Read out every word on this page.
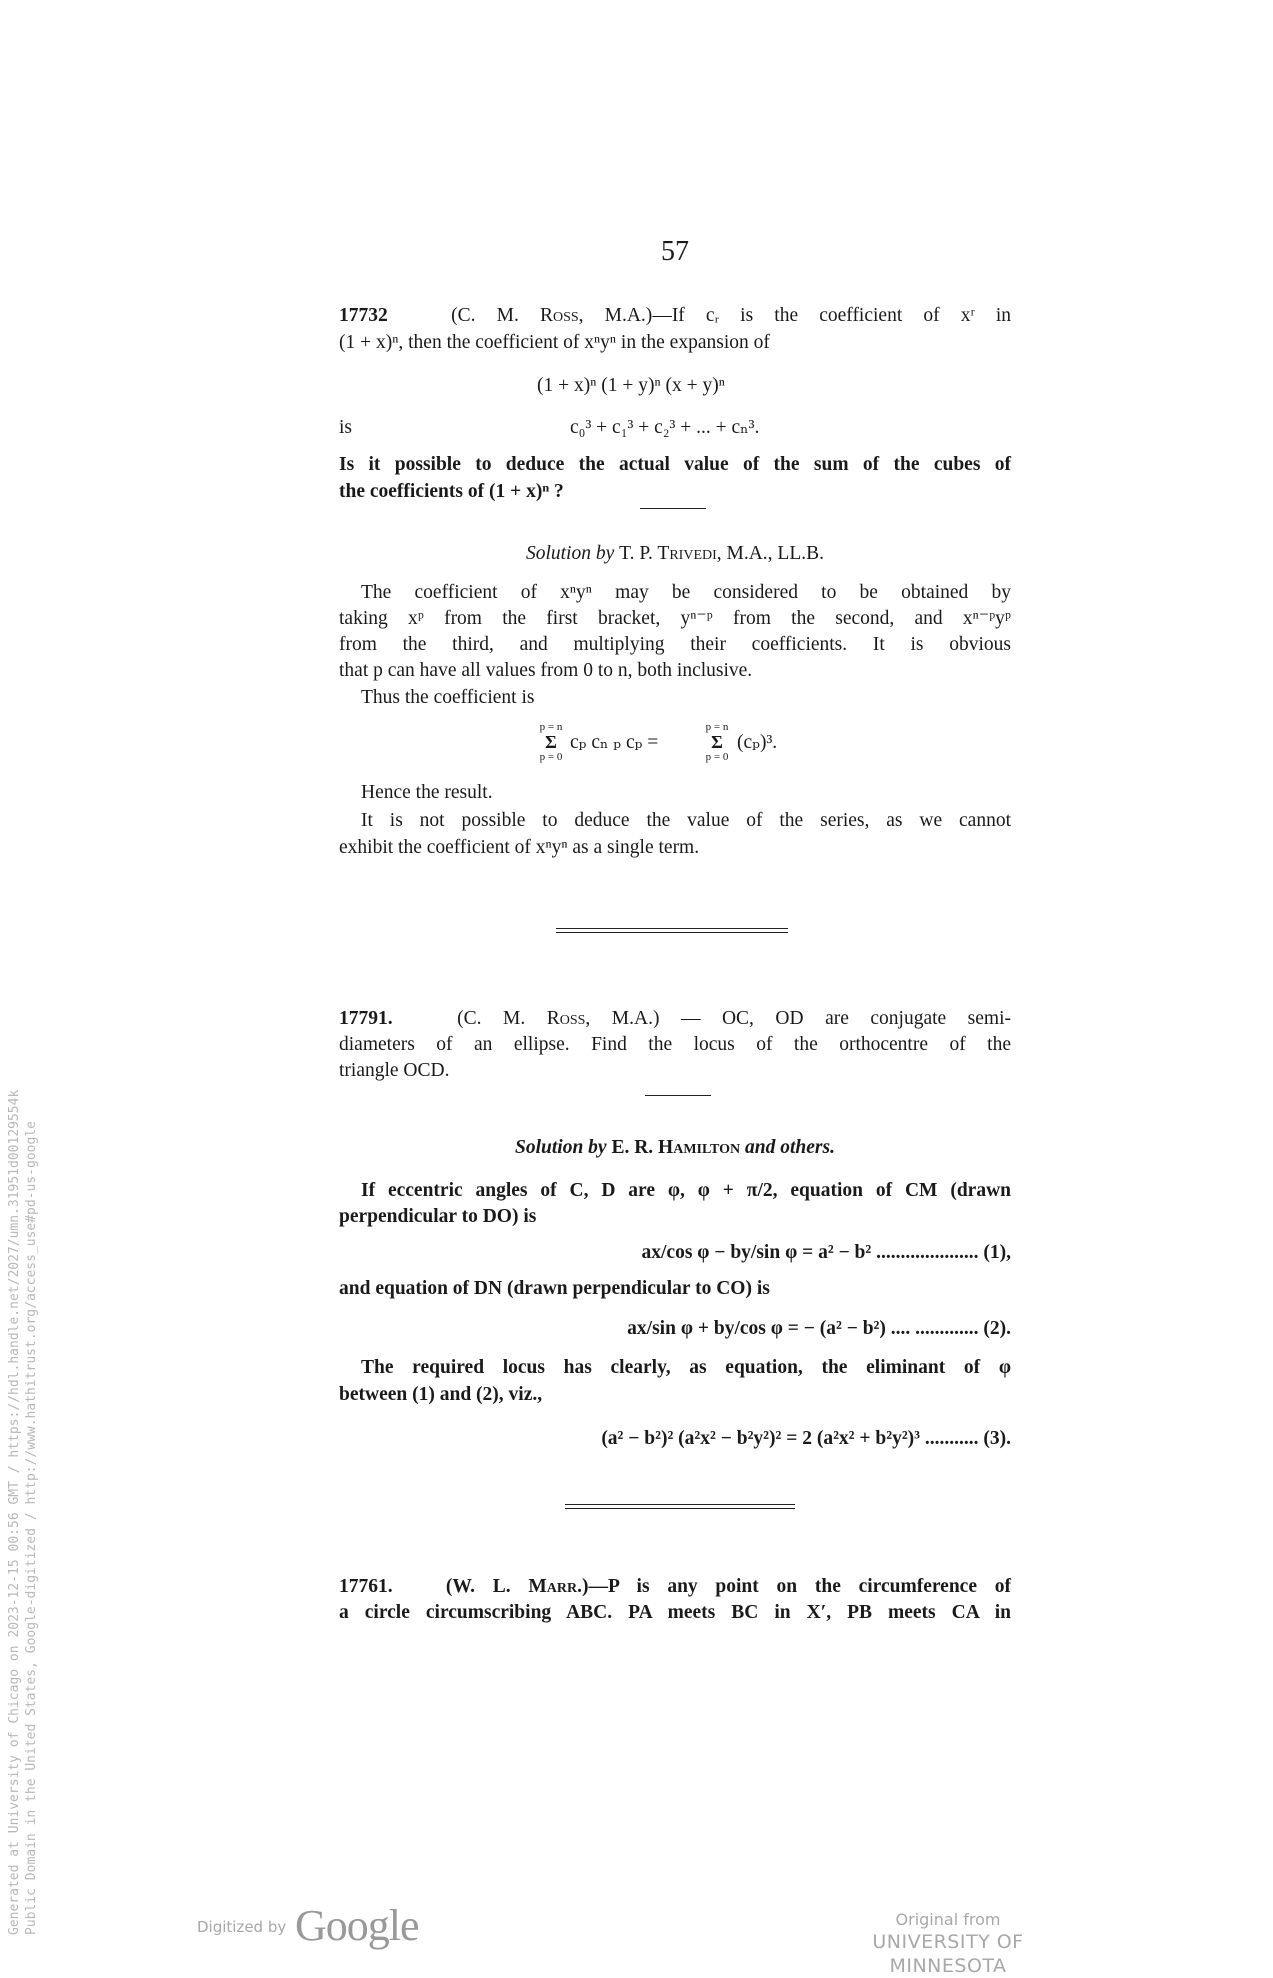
57
17732	(C. M. Ross, M.A.)—If cᵣ is the coefficient of xʳ in
(1 + x)ⁿ, then the coefficient of xⁿyⁿ in the expansion of
(1 + x)ⁿ (1 + y)ⁿ (x + y)ⁿ
is	c₀³ + c₁³ + c₂³ + ... + cₙ³.
Is it possible to deduce the actual value of the sum of the cubes of
the coefficients of (1 + x)ⁿ ?
Solution by T. P. Trivedi, M.A., LL.B.
The coefficient of xⁿyⁿ may be considered to be obtained by
taking xᵖ from the first bracket, yⁿ⁻ᵖ from the second, and xⁿ⁻ᵖyᵖ
from the third, and multiplying their coefficients. It is obvious
that p can have all values from 0 to n, both inclusive.
Thus the coefficient is
p = n
Σ
p = 0
cₚ cₙ ₚ cₚ =
p = n
Σ
p = 0
(cₚ)³.
Hence the result.
It is not possible to deduce the value of the series, as we cannot
exhibit the coefficient of xⁿyⁿ as a single term.
17791.	(C. M. Ross, M.A.) — OC, OD are conjugate semi-
diameters of an ellipse. Find the locus of the orthocentre of the
triangle OCD.
Solution by E. R. Hamilton and others.
If eccentric angles of C, D are φ, φ + π/2, equation of CM (drawn
perpendicular to DO) is
ax/cos φ − by/sin φ = a² − b² ..................... (1),
and equation of DN (drawn perpendicular to CO) is
ax/sin φ + by/cos φ = − (a² − b²) .... ............. (2).
The required locus has clearly, as equation, the eliminant of φ
between (1) and (2), viz.,
(a² − b²)² (a²x² − b²y²)² = 2 (a²x² + b²y²)³ ........... (3).
17761.	(W. L. Marr.)—P is any point on the circumference of
a circle circumscribing ABC. PA meets BC in X′, PB meets CA in
Generated at University of Chicago on 2023-12-15 00:56 GMT / https://hdl.handle.net/2027/umn.31951d00129554k Public Domain in the United States, Google-digitized / http://www.hathitrust.org/access_use#pd-us-google	Digitized by Google	Original from
UNIVERSITY OF MINNESOTA
